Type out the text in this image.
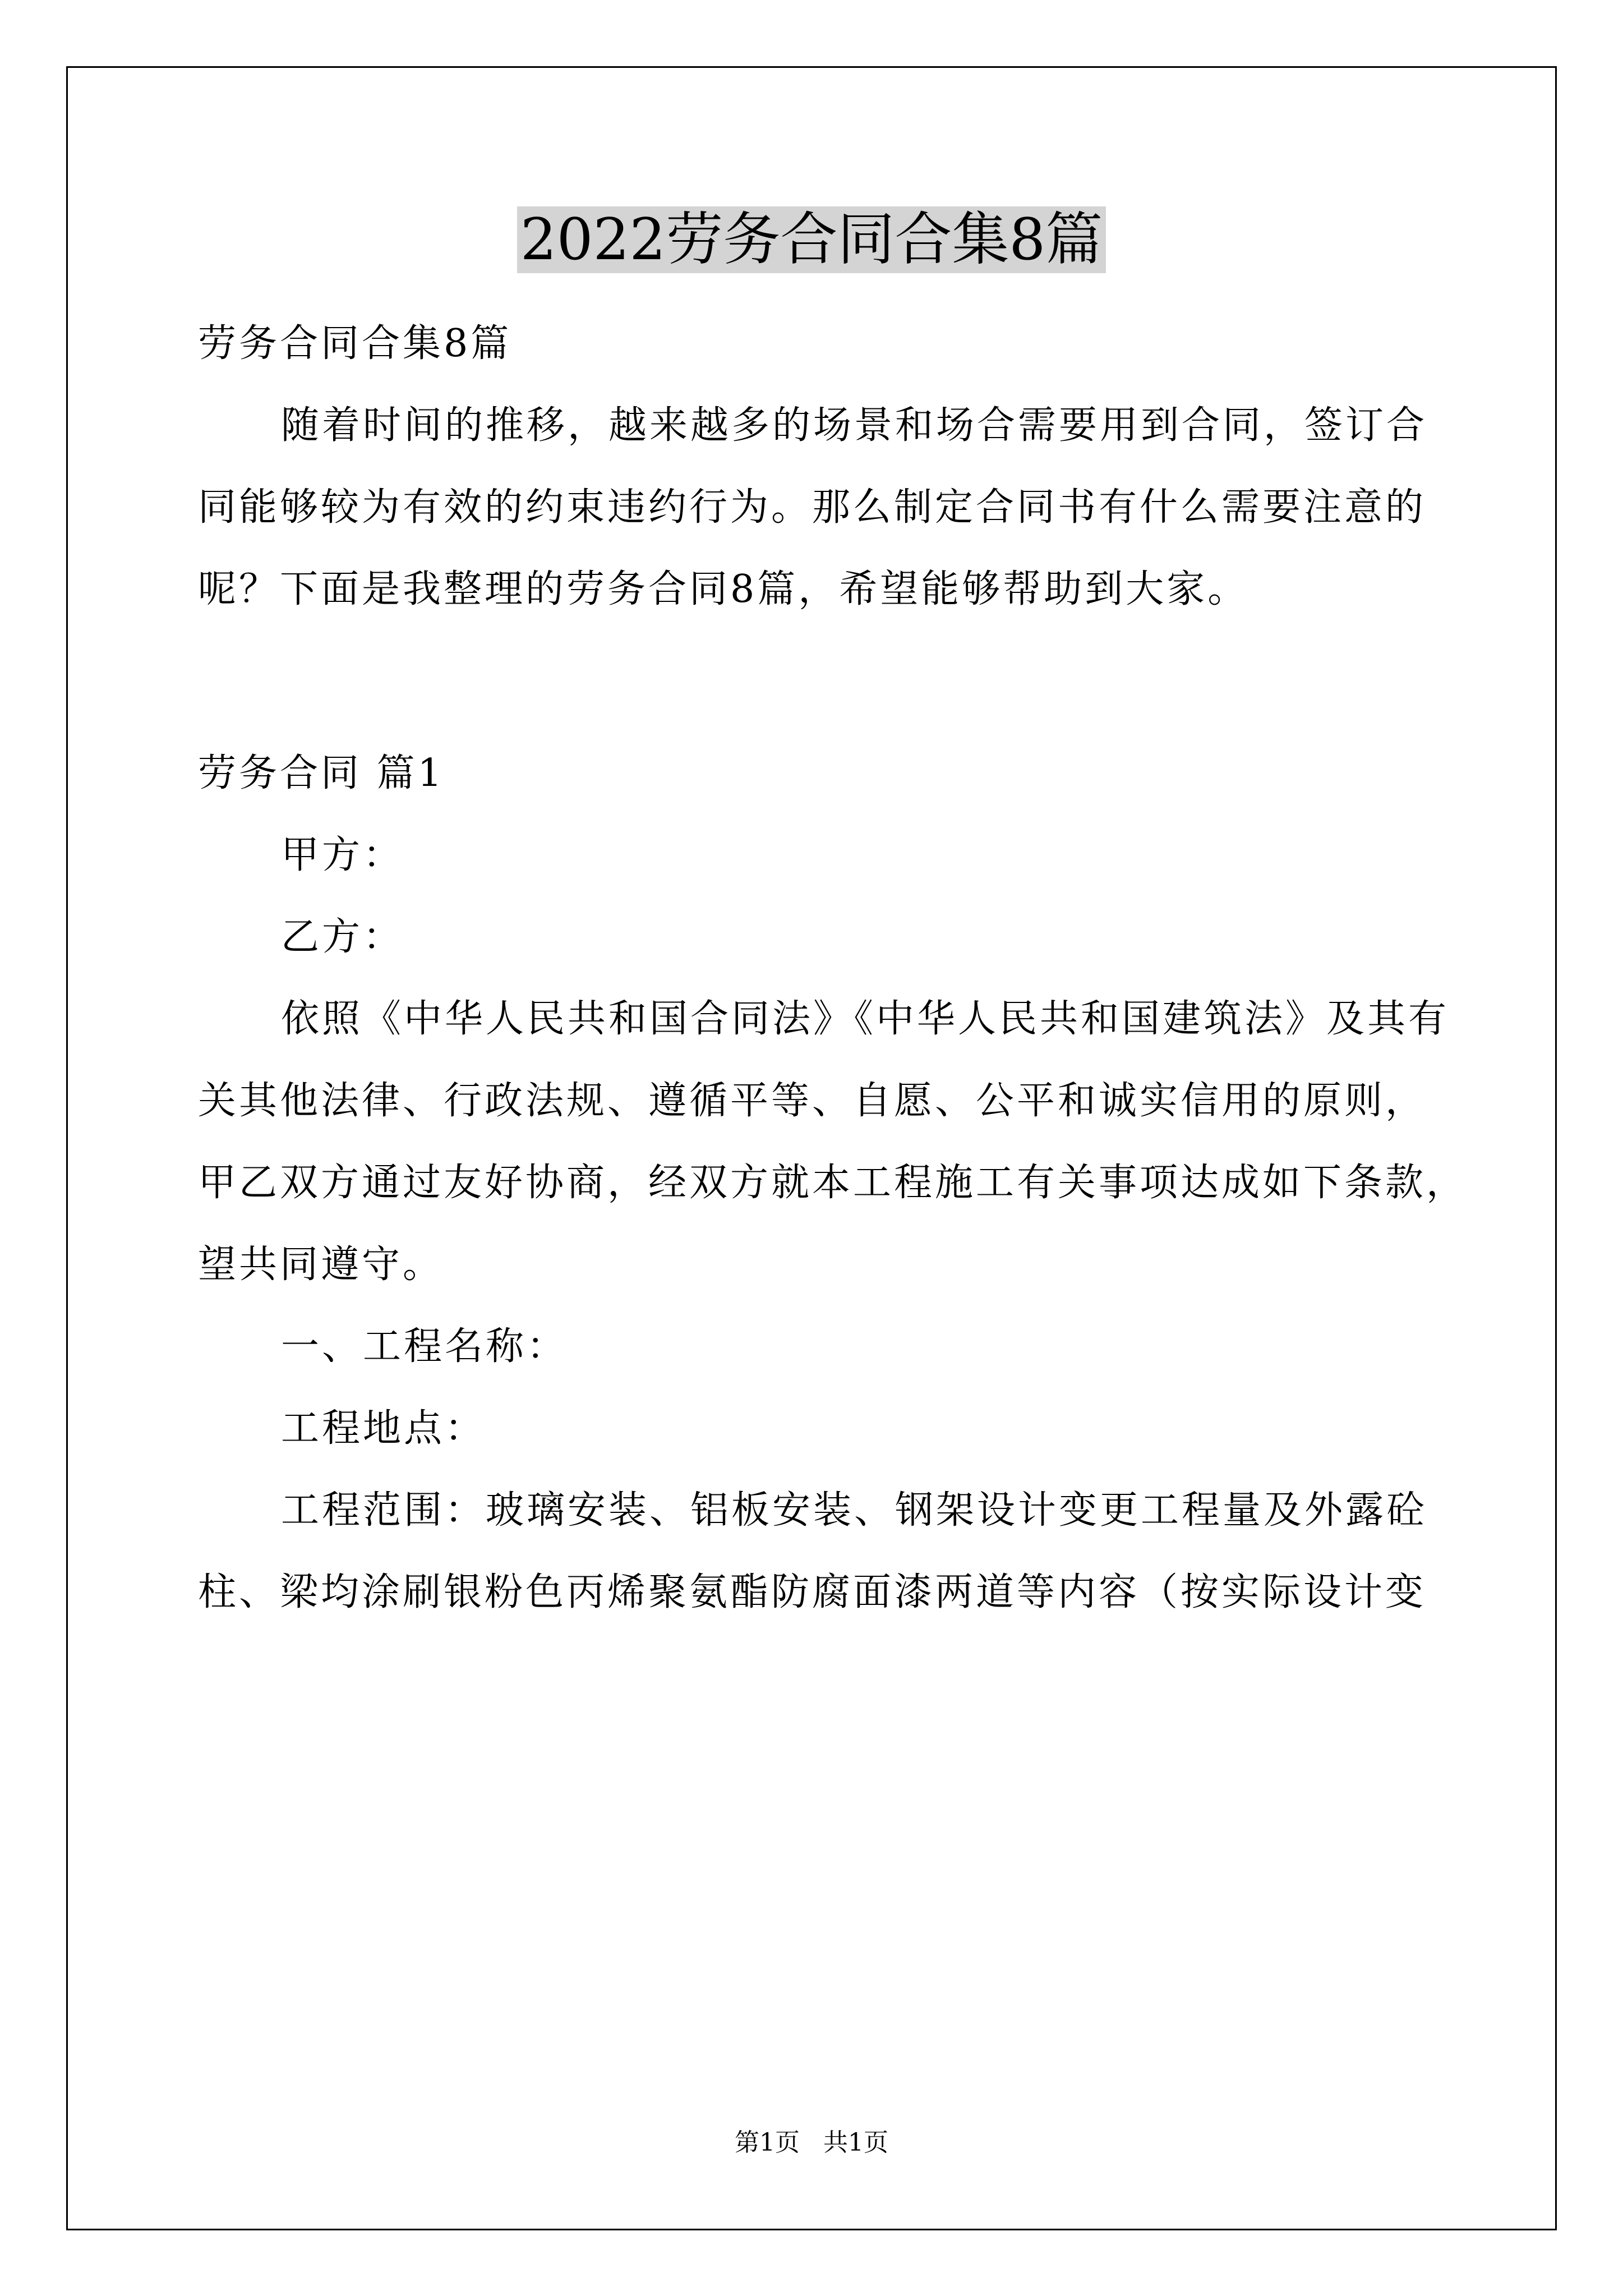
2022劳务合同合集8篇
劳务合同合集8篇
随着时间的推移，越来越多的场景和场合需要用到合同，签订合
同能够较为有效的约束违约行为。那么制定合同书有什么需要注意的
呢？下面是我整理的劳务合同8篇，希望能够帮助到大家。
劳务合同 篇1
甲方：
乙方：
依照《中华人民共和国合同法》《中华人民共和国建筑法》及其有
关其他法律、行政法规、遵循平等、自愿、公平和诚实信用的原则，
甲乙双方通过友好协商，经双方就本工程施工有关事项达成如下条款，
望共同遵守。
一、工程名称：
工程地点：
工程范围：玻璃安装、铝板安装、钢架设计变更工程量及外露砼
柱、梁均涂刷银粉色丙烯聚氨酯防腐面漆两道等内容（按实际设计变
第1页   共1页
